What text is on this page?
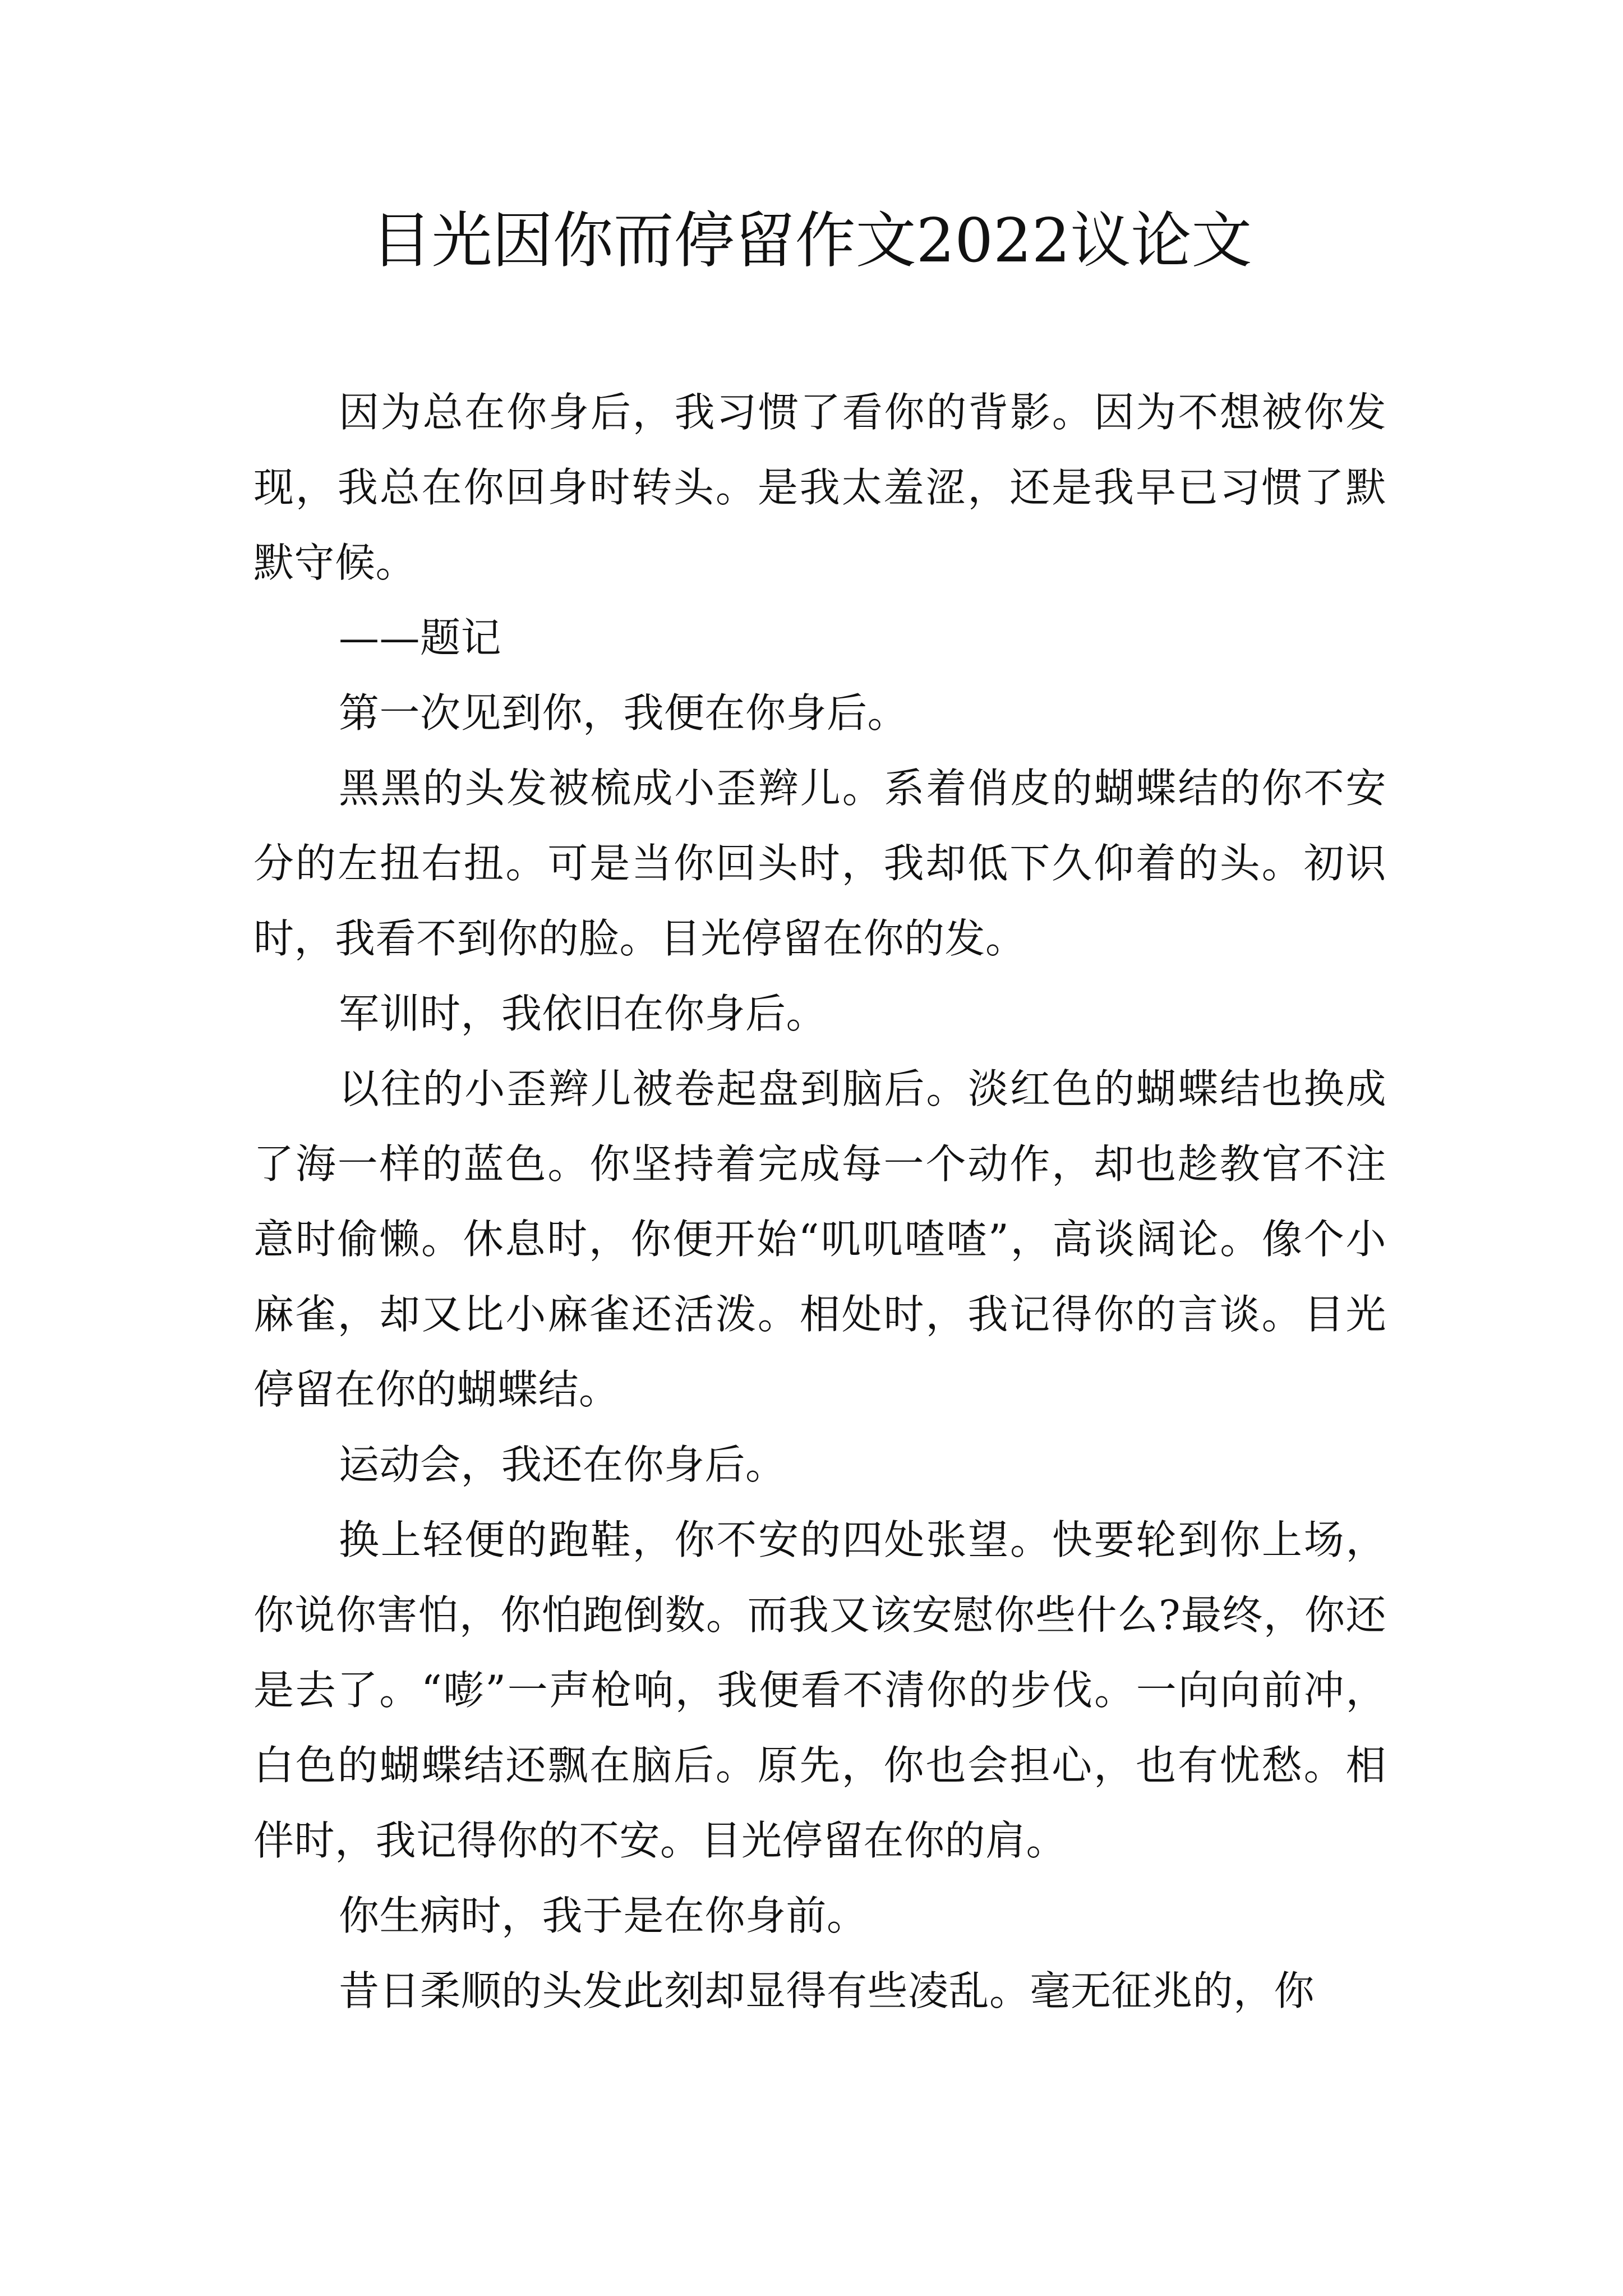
目光因你而停留作文2022议论文

因为总在你身后，我习惯了看你的背影。因为不想被你发现，我总在你回身时转头。是我太羞涩，还是我早已习惯了默默守候。

——题记

第一次见到你，我便在你身后。

黑黑的头发被梳成小歪辫儿。系着俏皮的蝴蝶结的你不安分的左扭右扭。可是当你回头时，我却低下久仰着的头。初识时，我看不到你的脸。目光停留在你的发。

军训时，我依旧在你身后。

以往的小歪辫儿被卷起盘到脑后。淡红色的蝴蝶结也换成了海一样的蓝色。你坚持着完成每一个动作，却也趁教官不注意时偷懒。休息时，你便开始“叽叽喳喳”，高谈阔论。像个小麻雀，却又比小麻雀还活泼。相处时，我记得你的言谈。目光停留在你的蝴蝶结。

运动会，我还在你身后。

换上轻便的跑鞋，你不安的四处张望。快要轮到你上场，你说你害怕，你怕跑倒数。而我又该安慰你些什么?最终，你还是去了。“嘭”一声枪响，我便看不清你的步伐。一向向前冲，白色的蝴蝶结还飘在脑后。原先，你也会担心，也有忧愁。相伴时，我记得你的不安。目光停留在你的肩。

你生病时，我于是在你身前。

昔日柔顺的头发此刻却显得有些凌乱。毫无征兆的，你
